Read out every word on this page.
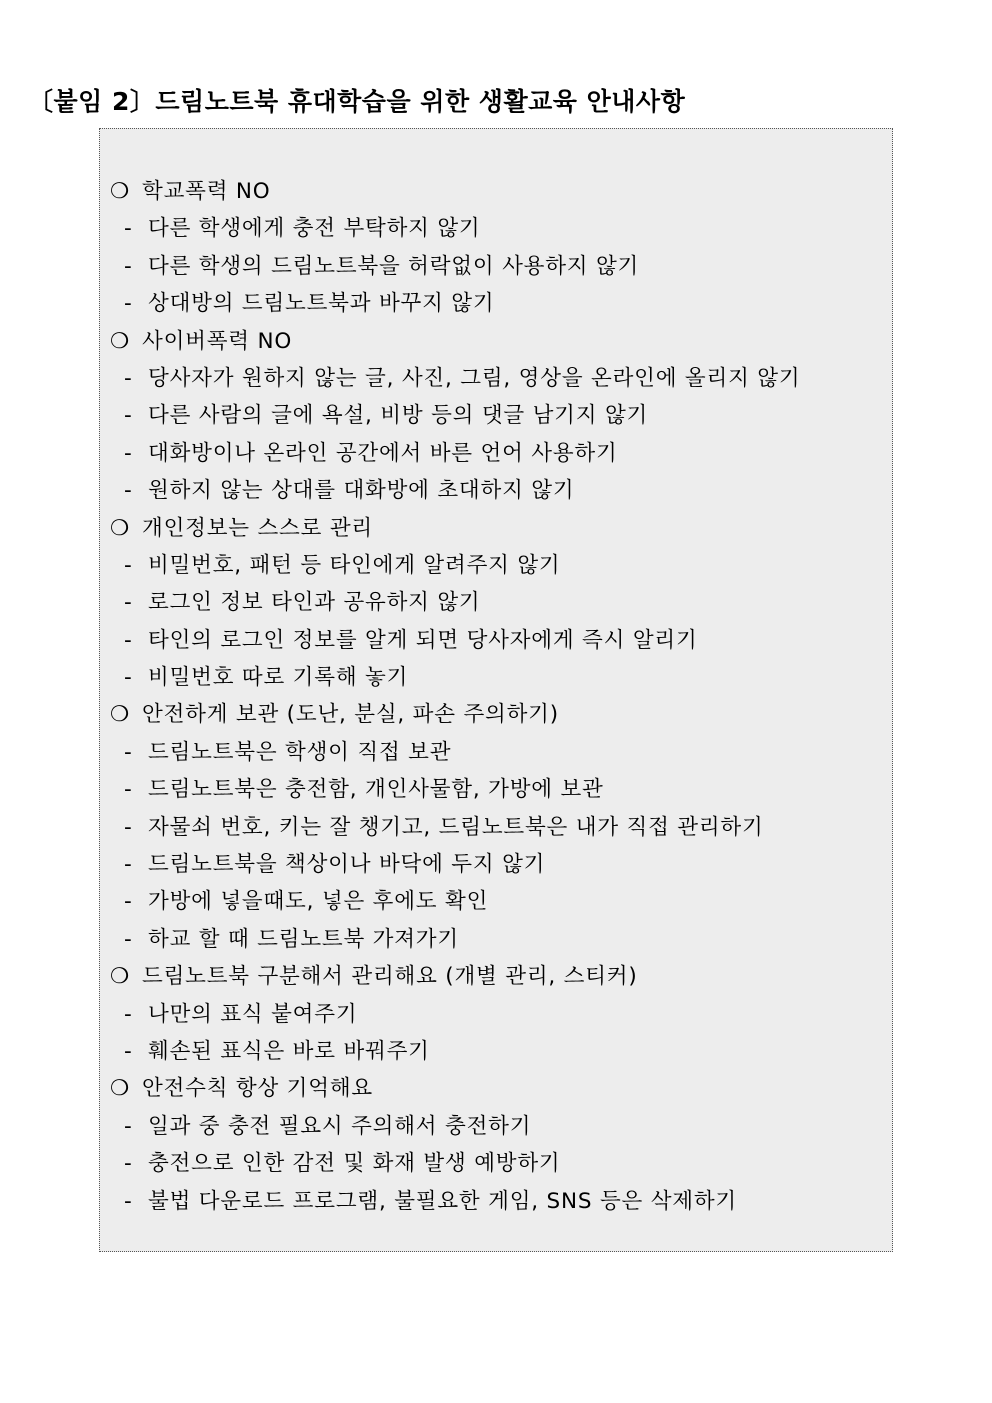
〔붙임 2〕드림노트북 휴대학습을 위한 생활교육 안내사항
❍ 학교폭력 NO
- 다른 학생에게 충전 부탁하지 않기
- 다른 학생의 드림노트북을 허락없이 사용하지 않기
- 상대방의 드림노트북과 바꾸지 않기
❍ 사이버폭력 NO
- 당사자가 원하지 않는 글, 사진, 그림, 영상을 온라인에 올리지 않기
- 다른 사람의 글에 욕설, 비방 등의 댓글 남기지 않기
- 대화방이나 온라인 공간에서 바른 언어 사용하기
- 원하지 않는 상대를 대화방에 초대하지 않기
❍ 개인정보는 스스로 관리
- 비밀번호, 패턴 등 타인에게 알려주지 않기
- 로그인 정보 타인과 공유하지 않기
- 타인의 로그인 정보를 알게 되면 당사자에게 즉시 알리기
- 비밀번호 따로 기록해 놓기
❍ 안전하게 보관 (도난, 분실, 파손 주의하기)
- 드림노트북은 학생이 직접 보관
- 드림노트북은 충전함, 개인사물함, 가방에 보관
- 자물쇠 번호, 키는 잘 챙기고, 드림노트북은 내가 직접 관리하기
- 드림노트북을 책상이나 바닥에 두지 않기
- 가방에 넣을때도, 넣은 후에도 확인
- 하교 할 때 드림노트북 가져가기
❍ 드림노트북 구분해서 관리해요 (개별 관리, 스티커)
- 나만의 표식 붙여주기
- 훼손된 표식은 바로 바꿔주기
❍ 안전수칙 항상 기억해요
- 일과 중 충전 필요시 주의해서 충전하기
- 충전으로 인한 감전 및 화재 발생 예방하기
- 불법 다운로드 프로그램, 불필요한 게임, SNS 등은 삭제하기
